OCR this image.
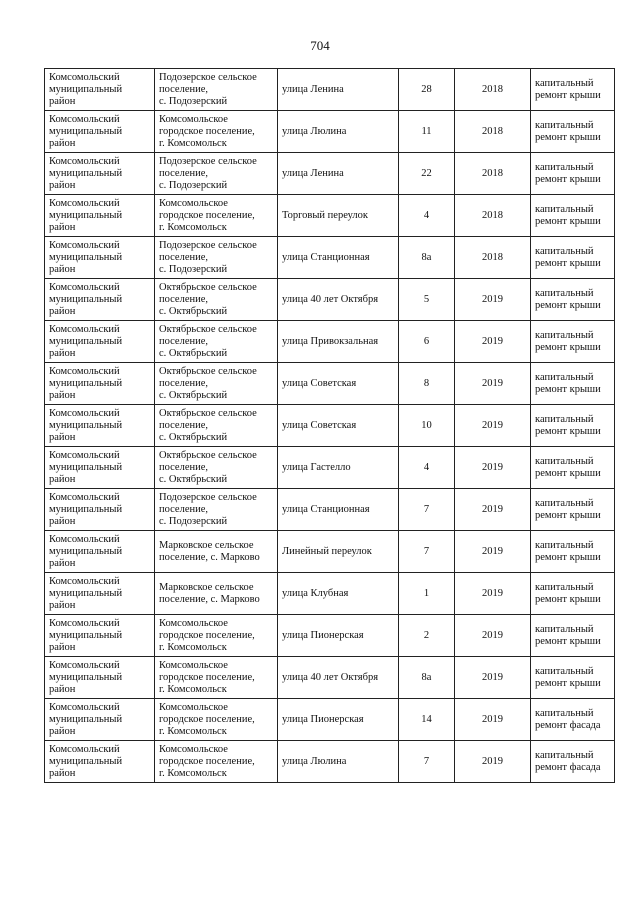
704
Комсомольский
муниципальный
район	Подозерское сельское
поселение,
с. Подозерский	улица Ленина	28	2018	капитальный
ремонт крыши

Комсомольский
муниципальный
район	Комсомольское
городское поселение,
г. Комсомольск	улица Люлина	11	2018	капитальный
ремонт крыши

Комсомольский
муниципальный
район	Подозерское сельское
поселение,
с. Подозерский	улица Ленина	22	2018	капитальный
ремонт крыши

Комсомольский
муниципальный
район	Комсомольское
городское поселение,
г. Комсомольск	Торговый переулок	4	2018	капитальный
ремонт крыши

Комсомольский
муниципальный
район	Подозерское сельское
поселение,
с. Подозерский	улица Станционная	8а	2018	капитальный
ремонт крыши

Комсомольский
муниципальный
район	Октябрьское сельское
поселение,
с. Октябрьский	улица 40 лет Октября	5	2019	капитальный
ремонт крыши

Комсомольский
муниципальный
район	Октябрьское сельское
поселение,
с. Октябрьский	улица Привокзальная	6	2019	капитальный
ремонт крыши

Комсомольский
муниципальный
район	Октябрьское сельское
поселение,
с. Октябрьский	улица Советская	8	2019	капитальный
ремонт крыши

Комсомольский
муниципальный
район	Октябрьское сельское
поселение,
с. Октябрьский	улица Советская	10	2019	капитальный
ремонт крыши

Комсомольский
муниципальный
район	Октябрьское сельское
поселение,
с. Октябрьский	улица Гастелло	4	2019	капитальный
ремонт крыши

Комсомольский
муниципальный
район	Подозерское сельское
поселение,
с. Подозерский	улица Станционная	7	2019	капитальный
ремонт крыши

Комсомольский
муниципальный
район	Марковское сельское
поселение, с. Марково	Линейный переулок	7	2019	капитальный
ремонт крыши

Комсомольский
муниципальный
район	Марковское сельское
поселение, с. Марково	улица Клубная	1	2019	капитальный
ремонт крыши

Комсомольский
муниципальный
район	Комсомольское
городское поселение,
г. Комсомольск	улица Пионерская	2	2019	капитальный
ремонт крыши

Комсомольский
муниципальный
район	Комсомольское
городское поселение,
г. Комсомольск	улица 40 лет Октября	8а	2019	капитальный
ремонт крыши

Комсомольский
муниципальный
район	Комсомольское
городское поселение,
г. Комсомольск	улица Пионерская	14	2019	капитальный
ремонт фасада

Комсомольский
муниципальный
район	Комсомольское
городское поселение,
г. Комсомольск	улица Люлина	7	2019	капитальный
ремонт фасада
